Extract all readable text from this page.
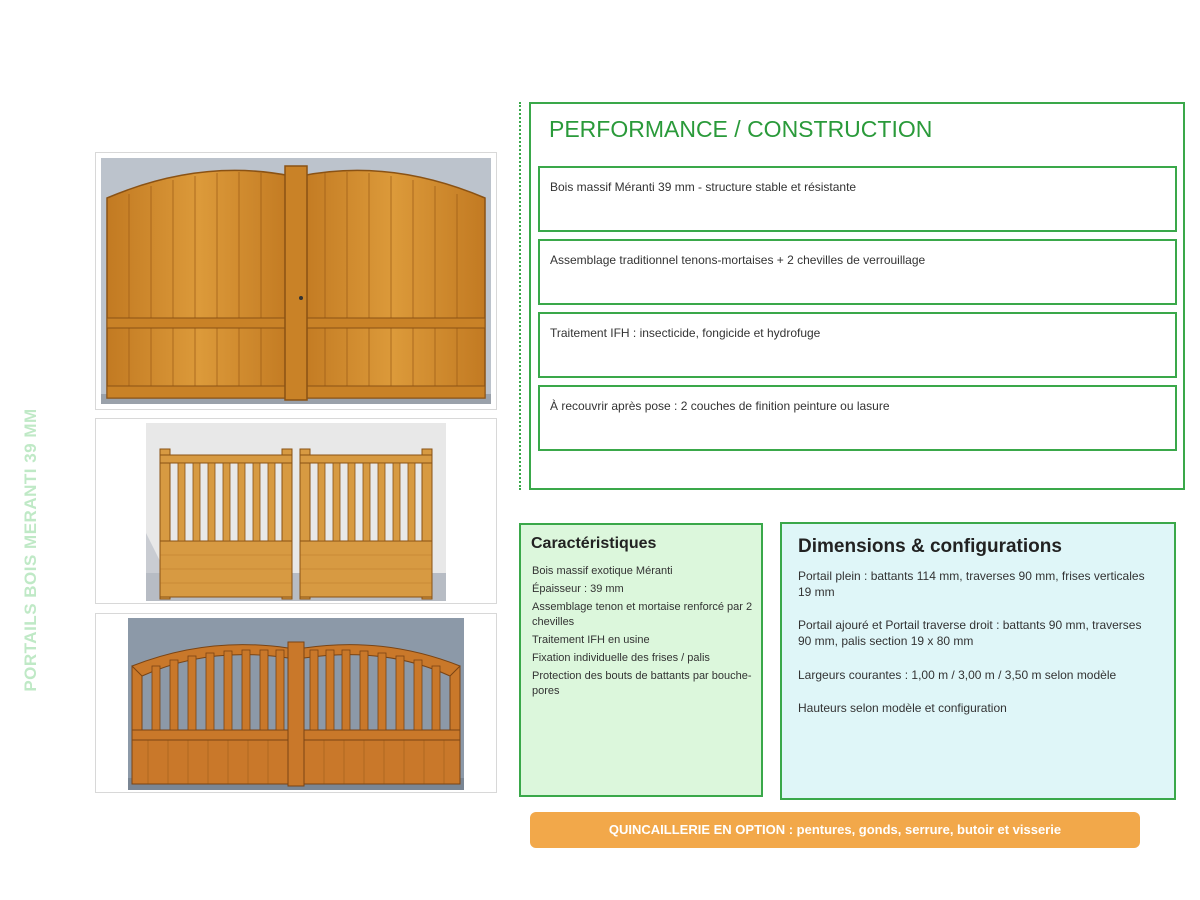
PORTAILS BOIS MERANTI 39 MM
PERFORMANCE / CONSTRUCTION
Bois massif Méranti 39 mm - structure stable et résistante
Assemblage traditionnel tenons-mortaises + 2 chevilles de verrouillage
Traitement IFH : insecticide, fongicide et hydrofuge
À recouvrir après pose : 2 couches de finition peinture ou lasure
Caractéristiques
Bois massif exotique Méranti
Épaisseur : 39 mm
Assemblage tenon et mortaise renforcé par 2 chevilles
Traitement IFH en usine
Fixation individuelle des frises / palis
Protection des bouts de battants par bouche-pores
Dimensions & configurations

Portail plein : battants 114 mm, traverses 90 mm, frises verticales 19 mm

Portail ajouré et Portail traverse droit : battants 90 mm, traverses 90 mm, palis section 19 x 80 mm

Largeurs courantes : 1,00 m / 3,00 m / 3,50 m selon modèle

Hauteurs selon modèle et configuration

QUINCAILLERIE EN OPTION : pentures, gonds, serrure, butoir et visserie
